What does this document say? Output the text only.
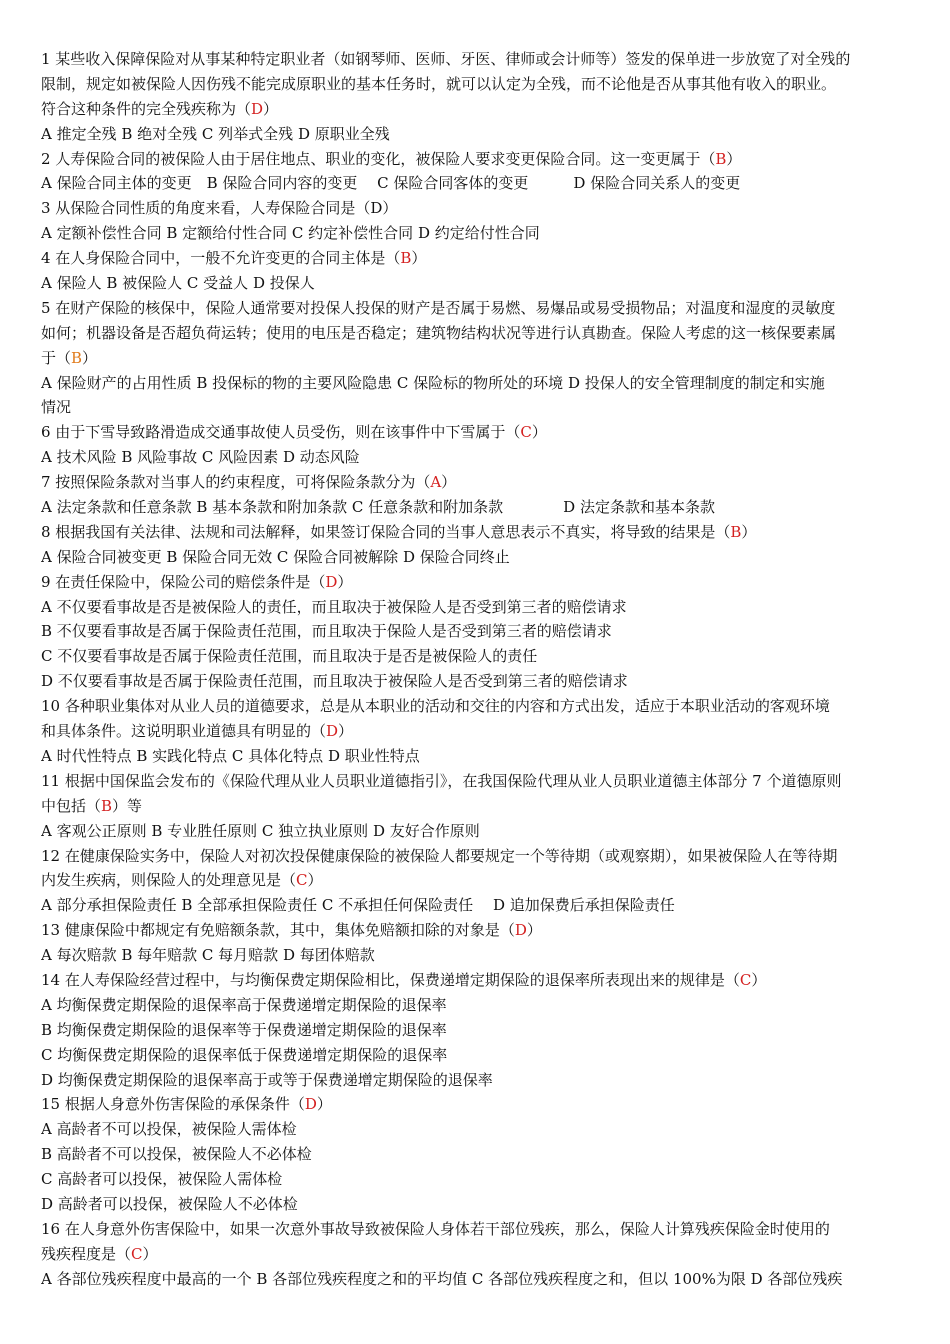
1 某些收入保障保险对从事某种特定职业者（如钢琴师、医师、牙医、律师或会计师等）签发的保单进一步放宽了对全残的
限制，规定如被保险人因伤残不能完成原职业的基本任务时，就可以认定为全残，而不论他是否从事其他有收入的职业。
符合这种条件的完全残疾称为（D）
A 推定全残 B 绝对全残 C 列举式全残 D 原职业全残
2 人寿保险合同的被保险人由于居住地点、职业的变化，被保险人要求变更保险合同。这一变更属于（B）
A 保险合同主体的变更　B 保险合同内容的变更　 C 保险合同客体的变更　　　D 保险合同关系人的变更
3 从保险合同性质的角度来看，人寿保险合同是（D）
A 定额补偿性合同 B 定额给付性合同 C 约定补偿性合同 D 约定给付性合同
4 在人身保险合同中，一般不允许变更的合同主体是（B）
A 保险人 B 被保险人 C 受益人 D 投保人
5 在财产保险的核保中，保险人通常要对投保人投保的财产是否属于易燃、易爆品或易受损物品；对温度和湿度的灵敏度
如何；机器设备是否超负荷运转；使用的电压是否稳定；建筑物结构状况等进行认真勘查。保险人考虑的这一核保要素属
于（B）
A 保险财产的占用性质 B 投保标的物的主要风险隐患 C 保险标的物所处的环境 D 投保人的安全管理制度的制定和实施
情况
6 由于下雪导致路滑造成交通事故使人员受伤，则在该事件中下雪属于（C）
A 技术风险 B 风险事故 C 风险因素 D 动态风险
7 按照保险条款对当事人的约束程度，可将保险条款分为（A）
A 法定条款和任意条款 B 基本条款和附加条款 C 任意条款和附加条款　　　　D 法定条款和基本条款
8 根据我国有关法律、法规和司法解释，如果签订保险合同的当事人意思表示不真实，将导致的结果是（B）
A 保险合同被变更 B 保险合同无效 C 保险合同被解除 D 保险合同终止
9 在责任保险中，保险公司的赔偿条件是（D）
A 不仅要看事故是否是被保险人的责任，而且取决于被保险人是否受到第三者的赔偿请求
B 不仅要看事故是否属于保险责任范围，而且取决于保险人是否受到第三者的赔偿请求
C 不仅要看事故是否属于保险责任范围，而且取决于是否是被保险人的责任
D 不仅要看事故是否属于保险责任范围，而且取决于被保险人是否受到第三者的赔偿请求
10 各种职业集体对从业人员的道德要求，总是从本职业的活动和交往的内容和方式出发，适应于本职业活动的客观环境
和具体条件。这说明职业道德具有明显的（D）
A 时代性特点 B 实践化特点 C 具体化特点 D 职业性特点
11 根据中国保监会发布的《保险代理从业人员职业道德指引》，在我国保险代理从业人员职业道德主体部分 7 个道德原则
中包括（B）等
A 客观公正原则 B 专业胜任原则 C 独立执业原则 D 友好合作原则
12 在健康保险实务中，保险人对初次投保健康保险的被保险人都要规定一个等待期（或观察期），如果被保险人在等待期
内发生疾病，则保险人的处理意见是（C）
A 部分承担保险责任 B 全部承担保险责任 C 不承担任何保险责任　 D 追加保费后承担保险责任
13 健康保险中都规定有免赔额条款，其中，集体免赔额扣除的对象是（D）
A 每次赔款 B 每年赔款 C 每月赔款 D 每团体赔款
14 在人寿保险经营过程中，与均衡保费定期保险相比，保费递增定期保险的退保率所表现出来的规律是（C）
A 均衡保费定期保险的退保率高于保费递增定期保险的退保率
B 均衡保费定期保险的退保率等于保费递增定期保险的退保率
C 均衡保费定期保险的退保率低于保费递增定期保险的退保率
D 均衡保费定期保险的退保率高于或等于保费递增定期保险的退保率
15 根据人身意外伤害保险的承保条件（D）
A 高龄者不可以投保，被保险人需体检
B 高龄者不可以投保，被保险人不必体检
C 高龄者可以投保，被保险人需体检
D 高龄者可以投保，被保险人不必体检
16 在人身意外伤害保险中，如果一次意外事故导致被保险人身体若干部位残疾，那么，保险人计算残疾保险金时使用的
残疾程度是（C）
A 各部位残疾程度中最高的一个 B 各部位残疾程度之和的平均值 C 各部位残疾程度之和，但以 100%为限 D 各部位残疾
